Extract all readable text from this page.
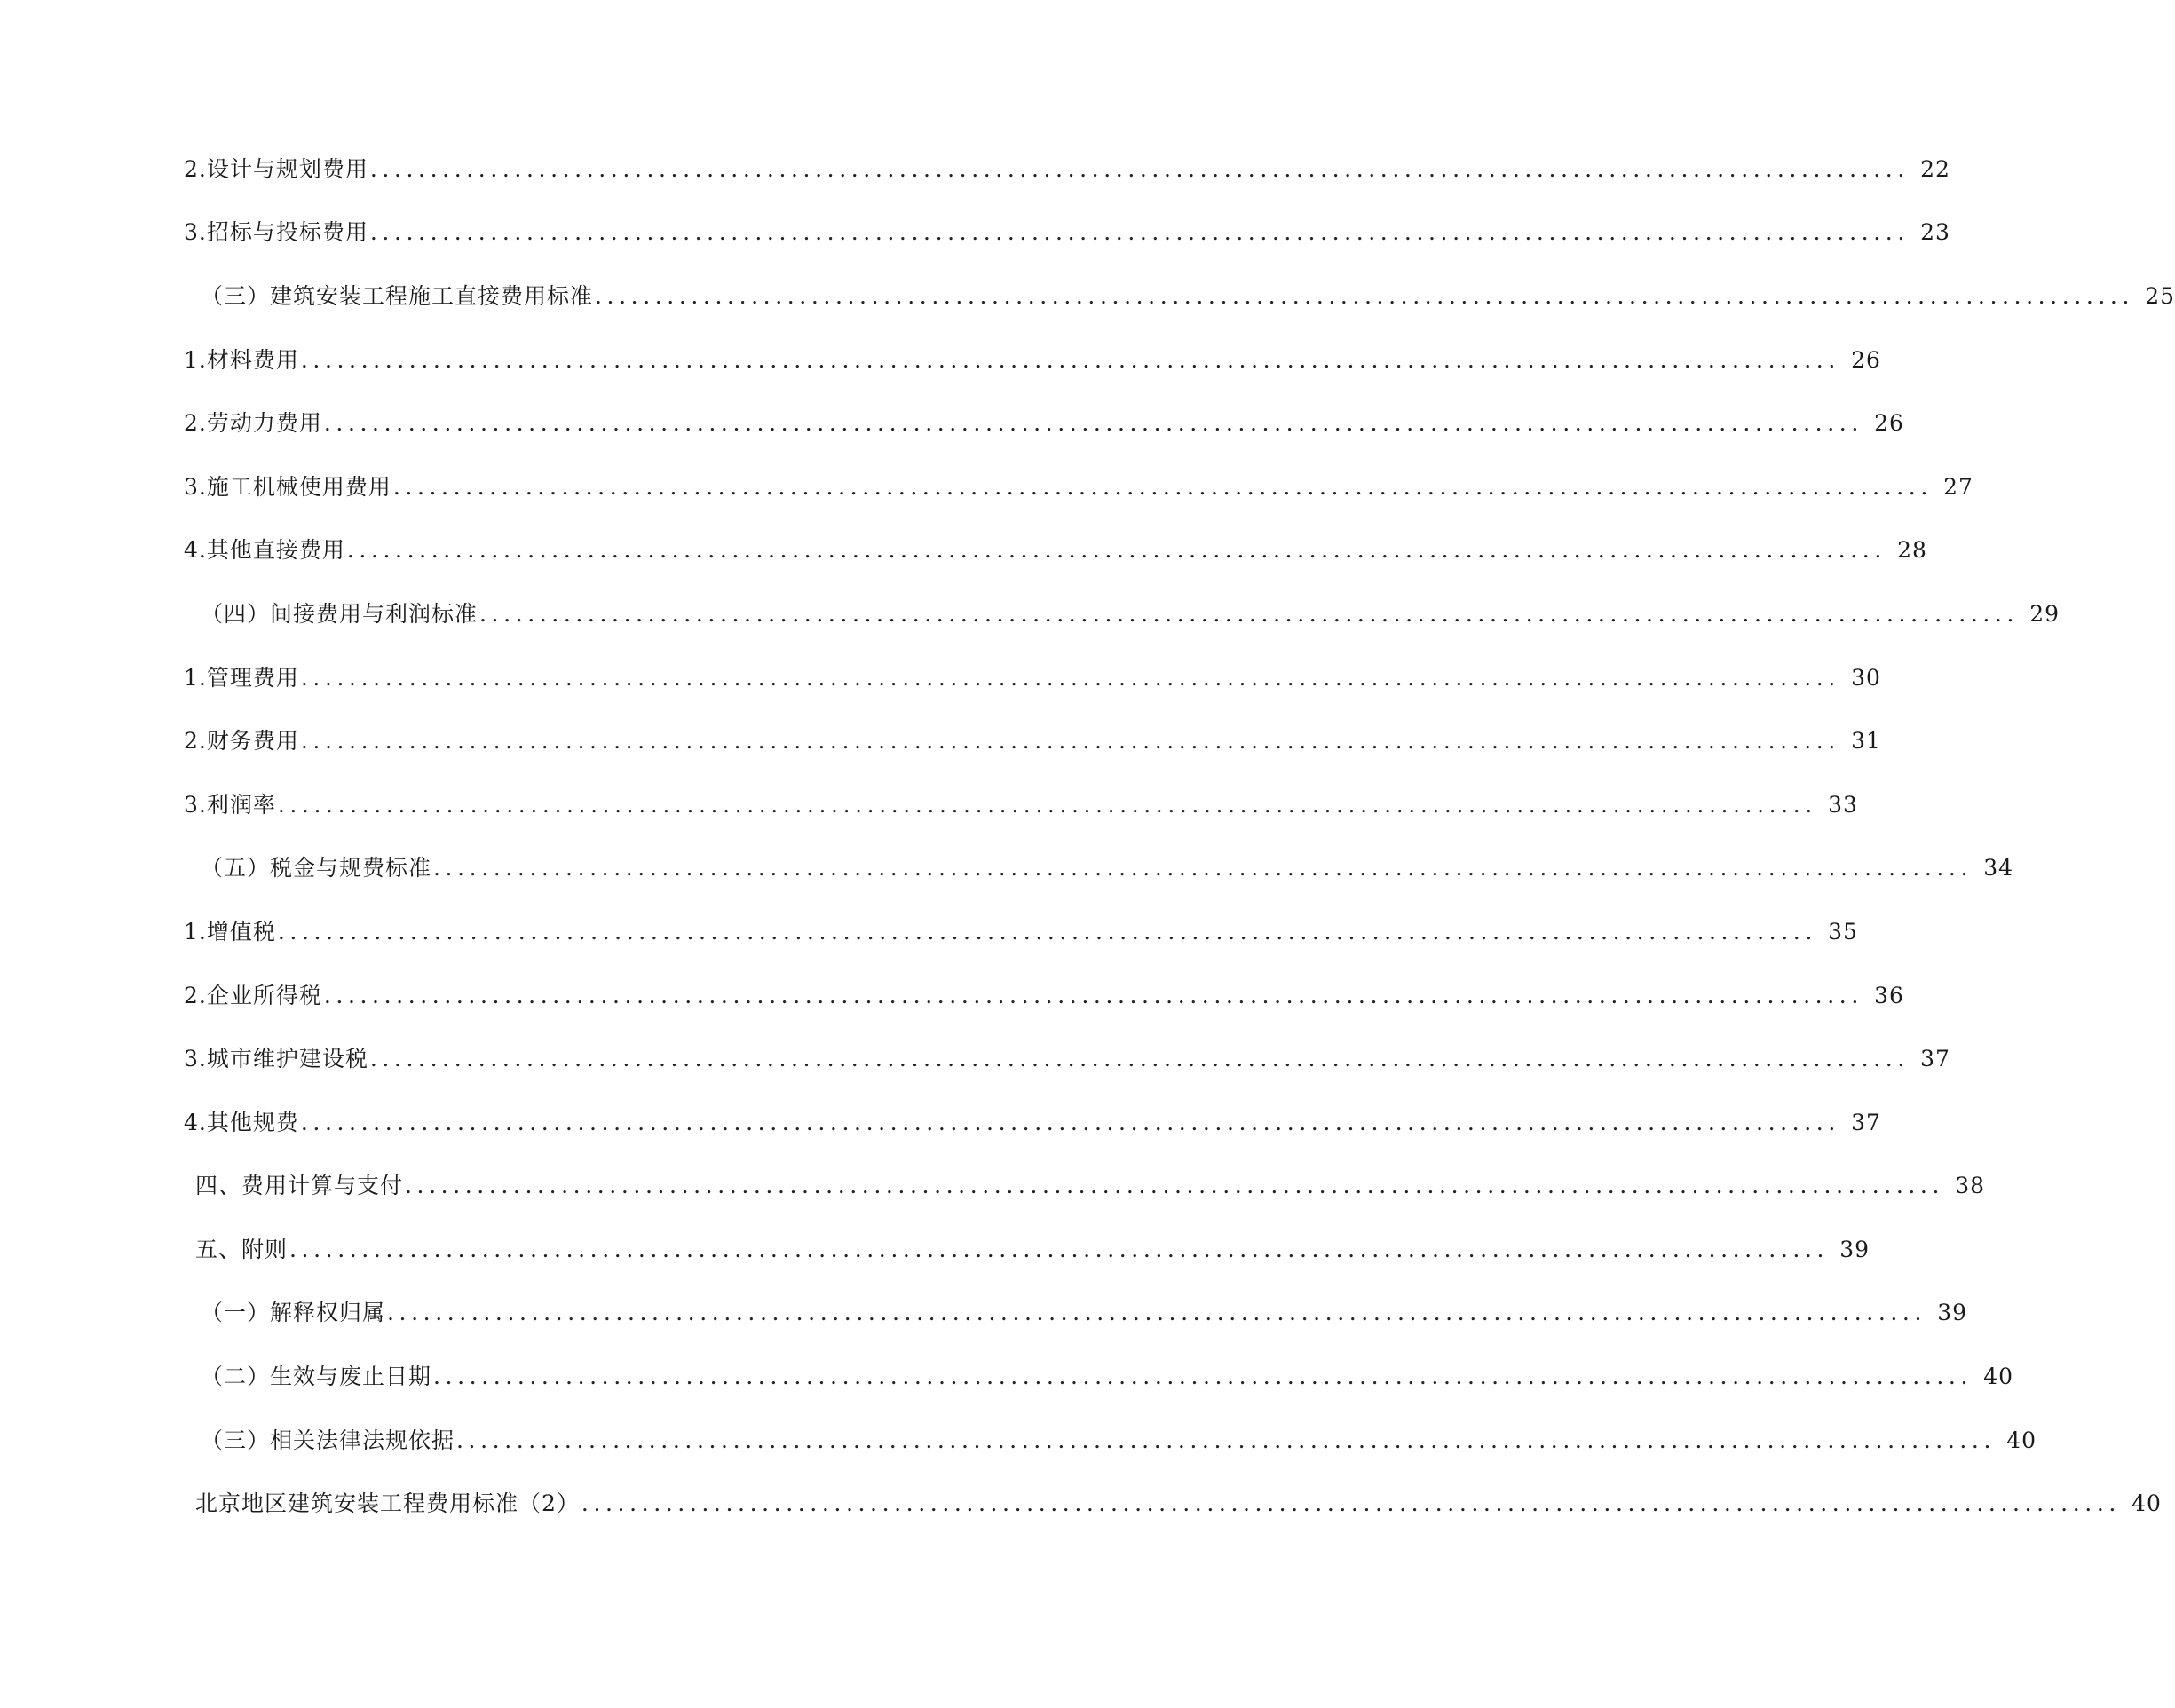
2. 设计与规划费用 ................................................................................................................................ 22
3. 招标与投标费用 ................................................................................................................................ 23
（三）建筑安装工程施工直接费用标准 ................................................................................................................................ 25
1. 材料费用 ................................................................................................................................ 26
2. 劳动力费用 ................................................................................................................................ 26
3. 施工机械使用费用 ................................................................................................................................ 27
4. 其他直接费用 ................................................................................................................................ 28
（四）间接费用与利润标准 ................................................................................................................................ 29
1. 管理费用 ................................................................................................................................ 30
2. 财务费用 ................................................................................................................................ 31
3. 利润率 ................................................................................................................................ 33
（五）税金与规费标准 ................................................................................................................................ 34
1. 增值税 ................................................................................................................................ 35
2. 企业所得税 ................................................................................................................................ 36
3. 城市维护建设税 ................................................................................................................................ 37
4. 其他规费 ................................................................................................................................ 37
四、费用计算与支付 ................................................................................................................................ 38
五、附则 ................................................................................................................................ 39
（一）解释权归属 ................................................................................................................................ 39
（二）生效与废止日期 ................................................................................................................................ 40
（三）相关法律法规依据 ................................................................................................................................ 40
北京地区建筑安装工程费用标准（2） ................................................................................................................................ 40
